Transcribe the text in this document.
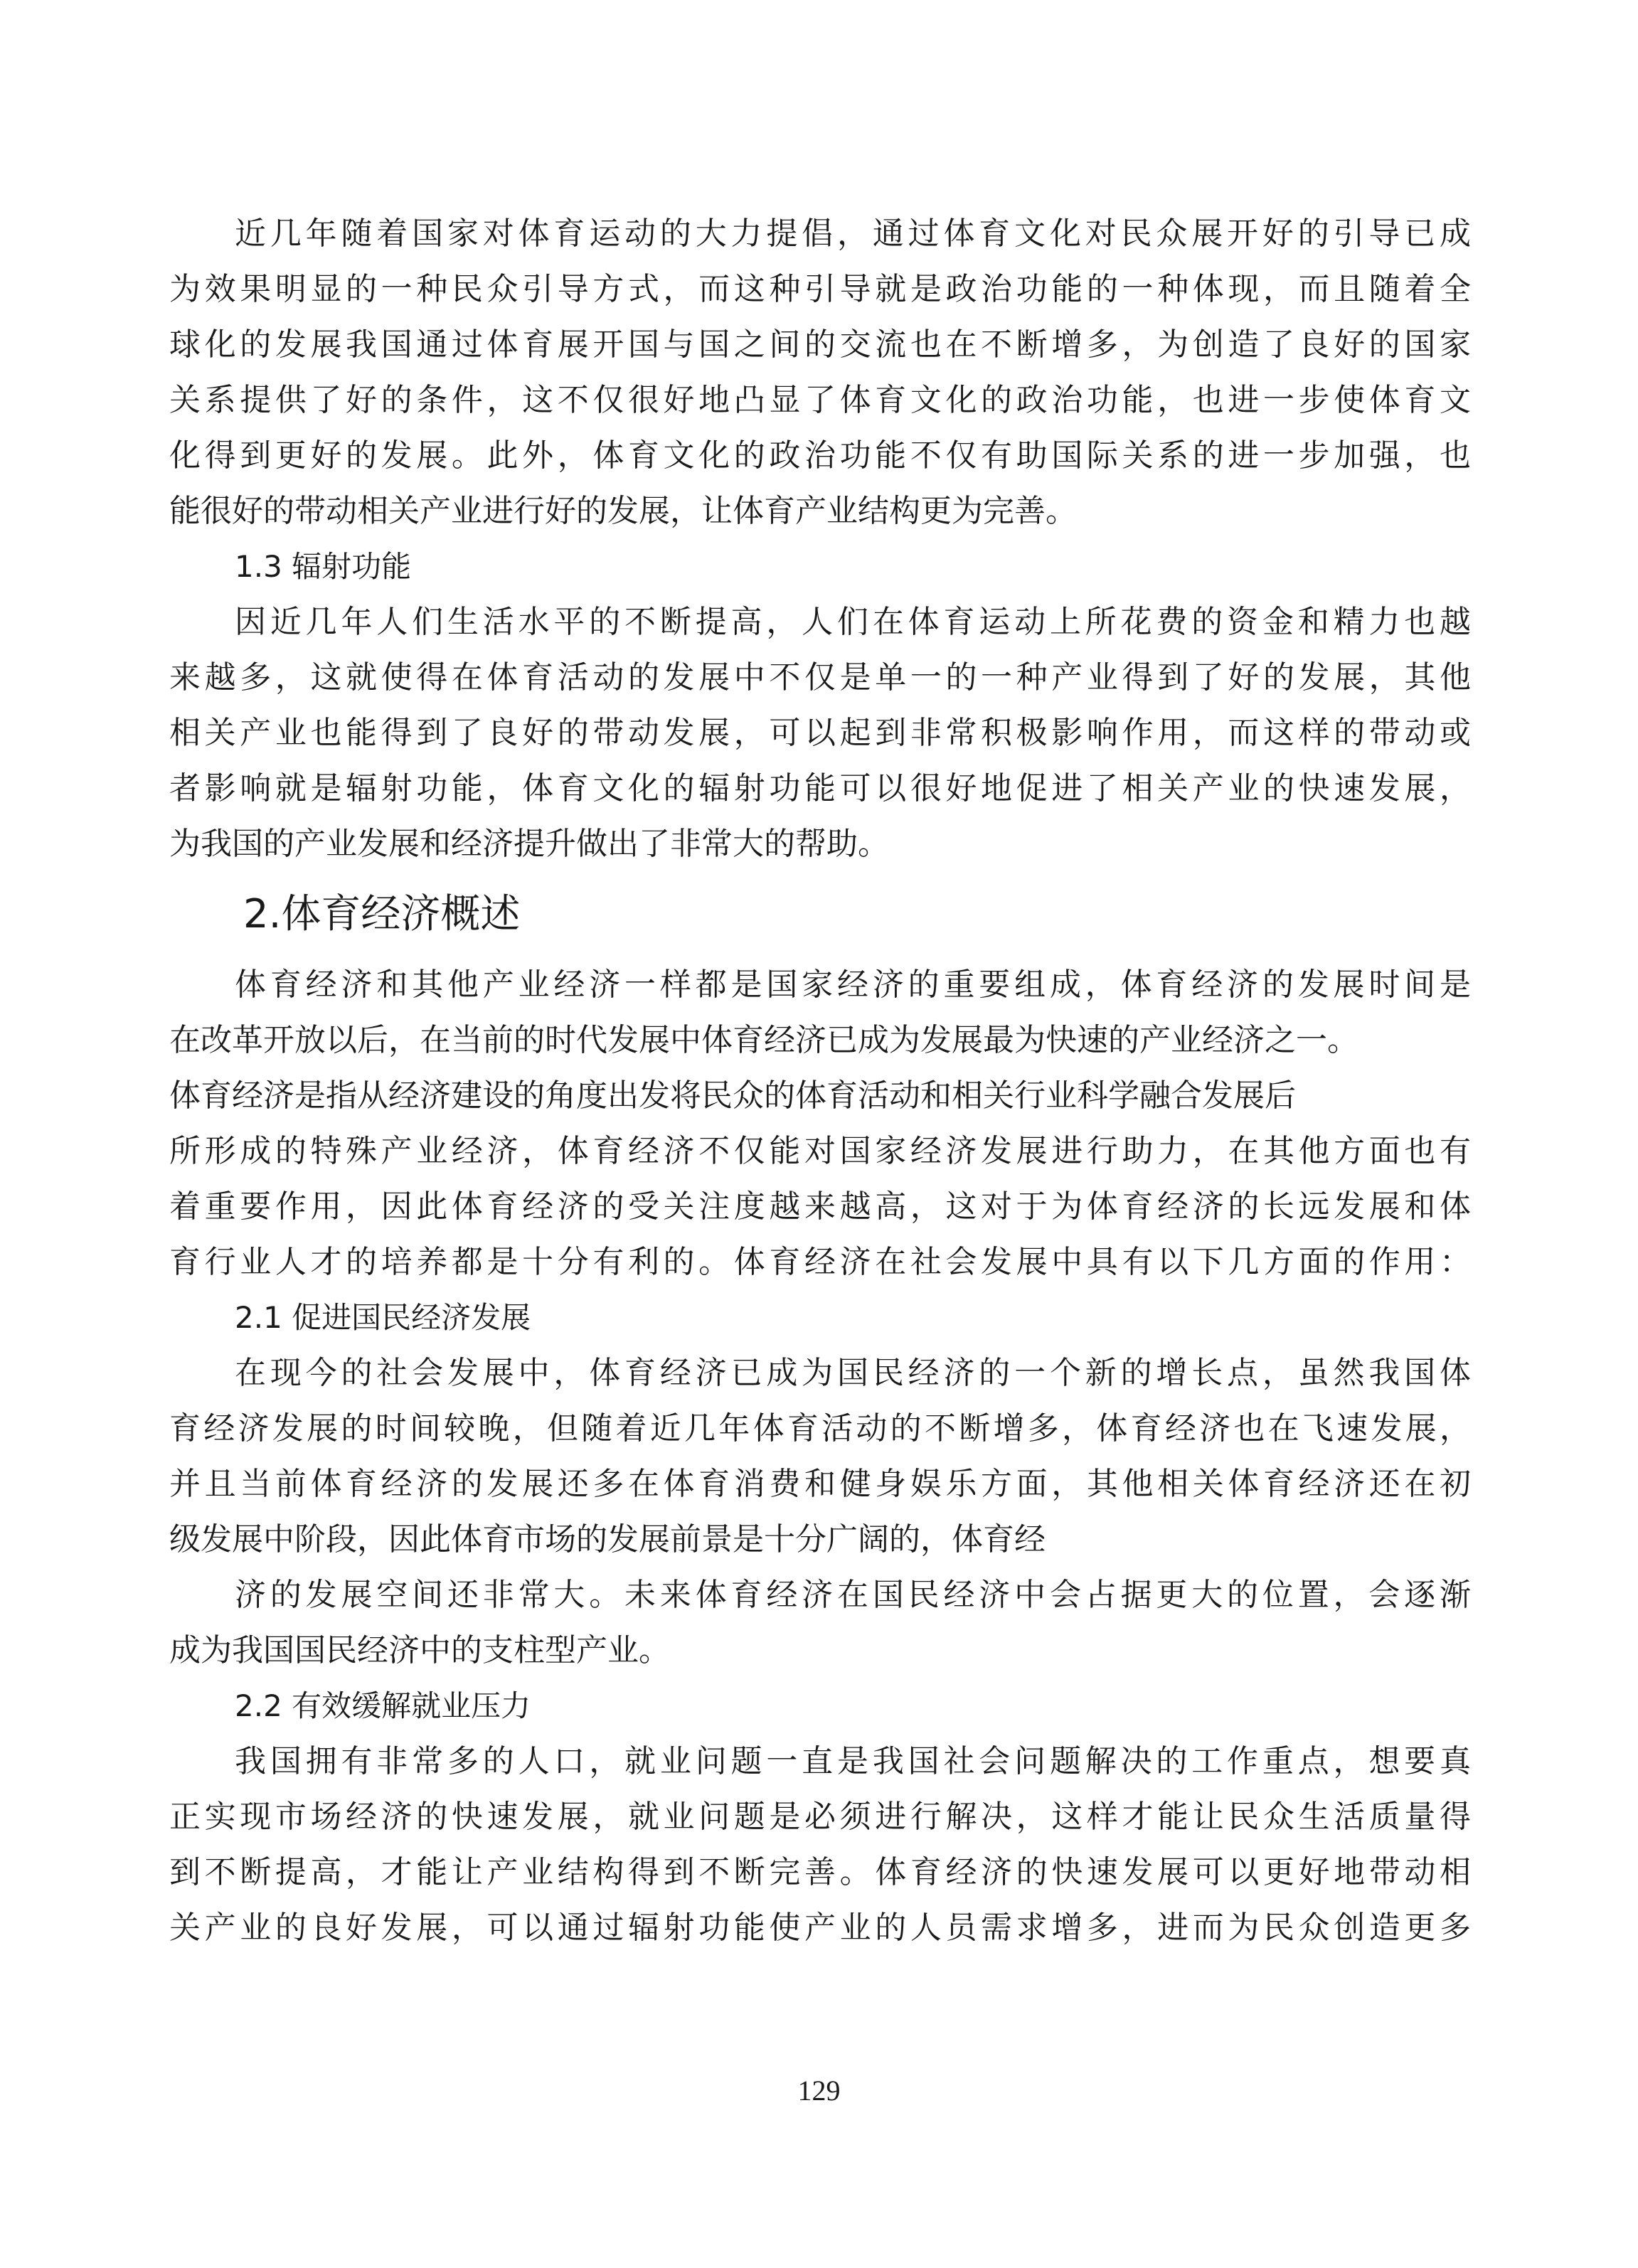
近几年随着国家对体育运动的大力提倡，通过体育文化对民众展开好的引导已成
为效果明显的一种民众引导方式，而这种引导就是政治功能的一种体现，而且随着全
球化的发展我国通过体育展开国与国之间的交流也在不断增多，为创造了良好的国家
关系提供了好的条件，这不仅很好地凸显了体育文化的政治功能，也进一步使体育文
化得到更好的发展。此外，体育文化的政治功能不仅有助国际关系的进一步加强，也
能很好的带动相关产业进行好的发展，让体育产业结构更为完善。
1.3 辐射功能
因近几年人们生活水平的不断提高，人们在体育运动上所花费的资金和精力也越
来越多，这就使得在体育活动的发展中不仅是单一的一种产业得到了好的发展，其他
相关产业也能得到了良好的带动发展，可以起到非常积极影响作用，而这样的带动或
者影响就是辐射功能，体育文化的辐射功能可以很好地促进了相关产业的快速发展，
为我国的产业发展和经济提升做出了非常大的帮助。
2.体育经济概述
体育经济和其他产业经济一样都是国家经济的重要组成，体育经济的发展时间是
在改革开放以后，在当前的时代发展中体育经济已成为发展最为快速的产业经济之一。
体育经济是指从经济建设的角度出发将民众的体育活动和相关行业科学融合发展后
所形成的特殊产业经济，体育经济不仅能对国家经济发展进行助力，在其他方面也有
着重要作用，因此体育经济的受关注度越来越高，这对于为体育经济的长远发展和体
育行业人才的培养都是十分有利的。体育经济在社会发展中具有以下几方面的作用：
2.1 促进国民经济发展
在现今的社会发展中，体育经济已成为国民经济的一个新的增长点，虽然我国体
育经济发展的时间较晚，但随着近几年体育活动的不断增多，体育经济也在飞速发展，
并且当前体育经济的发展还多在体育消费和健身娱乐方面，其他相关体育经济还在初
级发展中阶段，因此体育市场的发展前景是十分广阔的，体育经
济的发展空间还非常大。未来体育经济在国民经济中会占据更大的位置，会逐渐
成为我国国民经济中的支柱型产业。
2.2 有效缓解就业压力
我国拥有非常多的人口，就业问题一直是我国社会问题解决的工作重点，想要真
正实现市场经济的快速发展，就业问题是必须进行解决，这样才能让民众生活质量得
到不断提高，才能让产业结构得到不断完善。体育经济的快速发展可以更好地带动相
关产业的良好发展，可以通过辐射功能使产业的人员需求增多，进而为民众创造更多
129
